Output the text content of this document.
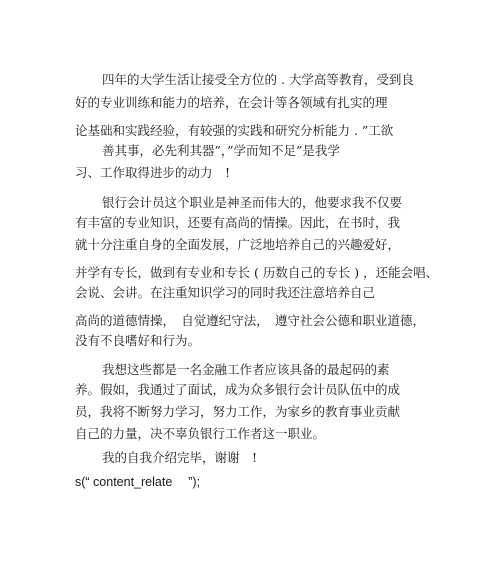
四年的大学生活让接受全方位的 . 大学高等教育，受到良
好的专业训练和能力的培养，在会计等各领域有扎实的理
论基础和实践经验，有较强的实践和研究分析能力 . ”工欲
善其事，必先利其器”，”学而知不足”是我学
习、工作取得进步的动力　!
银行会计员这个职业是神圣而伟大的，他要求我不仅要
有丰富的专业知识，还要有高尚的情操。因此，在书时，我
就十分注重自身的全面发展，广泛地培养自己的兴趣爱好，
并学有专长，做到有专业和专长 ( 历数自己的专长 ) ，还能会唱、
会说、会讲。在注重知识学习的同时我还注意培养自己
高尚的道德情操，　自觉遵纪守法，　遵守社会公德和职业道德，
没有不良嗜好和行为。
我想这些都是一名金融工作者应该具备的最起码的素
养。假如，我通过了面试，成为众多银行会计员队伍中的成
员，我将不断努力学习，努力工作，为家乡的教育事业贡献
自己的力量，决不辜负银行工作者这一职业。
我的自我介绍完毕，谢谢　!
s(“ content_relate　 ”);
